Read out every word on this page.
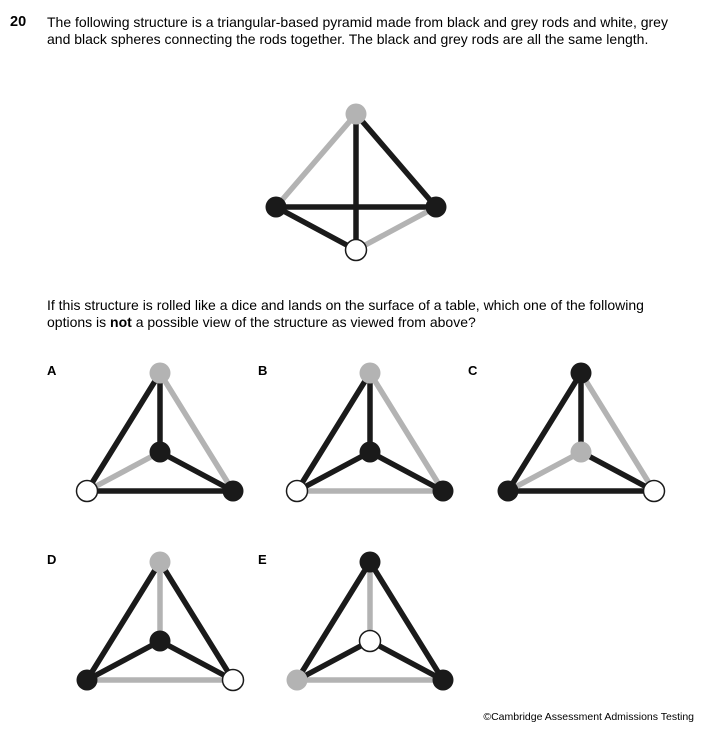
20 The following structure is a triangular-based pyramid made from black and grey rods and white, grey and black spheres connecting the rods together. The black and grey rods are all the same length.

If this structure is rolled like a dice and lands on the surface of a table, which one of the following options is not a possible view of the structure as viewed from above?

A	B	C
D	E
©Cambridge Assessment Admissions Testing
